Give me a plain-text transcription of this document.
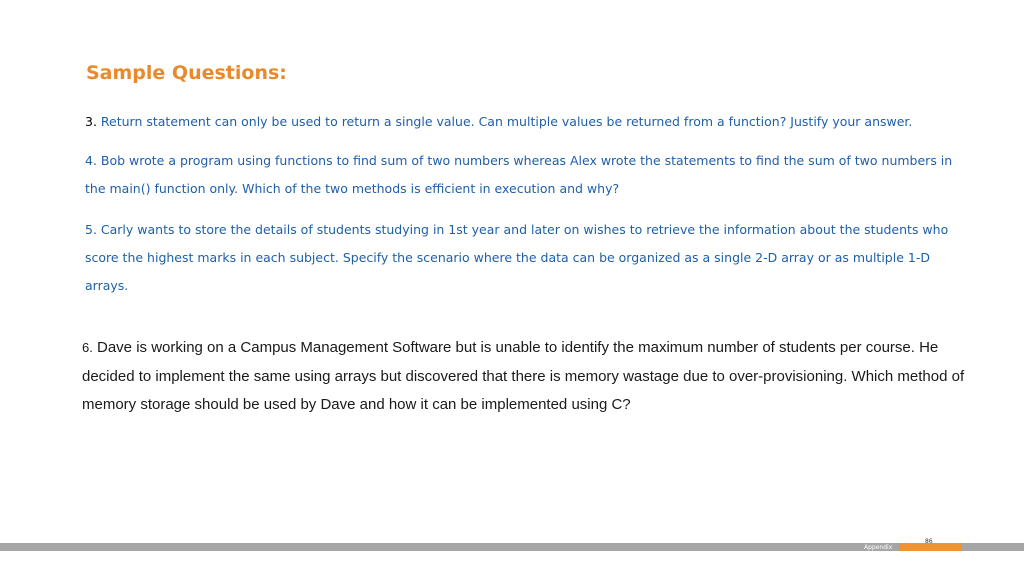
Sample Questions:

3. Return statement can only be used to return a single value. Can multiple values be returned from a function? Justify your answer.

4. Bob wrote a program using functions to find sum of two numbers whereas Alex wrote the statements to find the sum of two numbers in the main() function only. Which of the two methods is efficient in execution and why?

5. Carly wants to store the details of students studying in 1st year and later on wishes to retrieve the information about the students who score the highest marks in each subject. Specify the scenario where the data can be organized as a single 2-D array or as multiple 1-D arrays.

6. Dave is working on a Campus Management Software but is unable to identify the maximum number of students per course. He decided to implement the same using arrays but discovered that there is memory wastage due to over-provisioning. Which method of memory storage should be used by Dave and how it can be implemented using C?

Appendix
86
